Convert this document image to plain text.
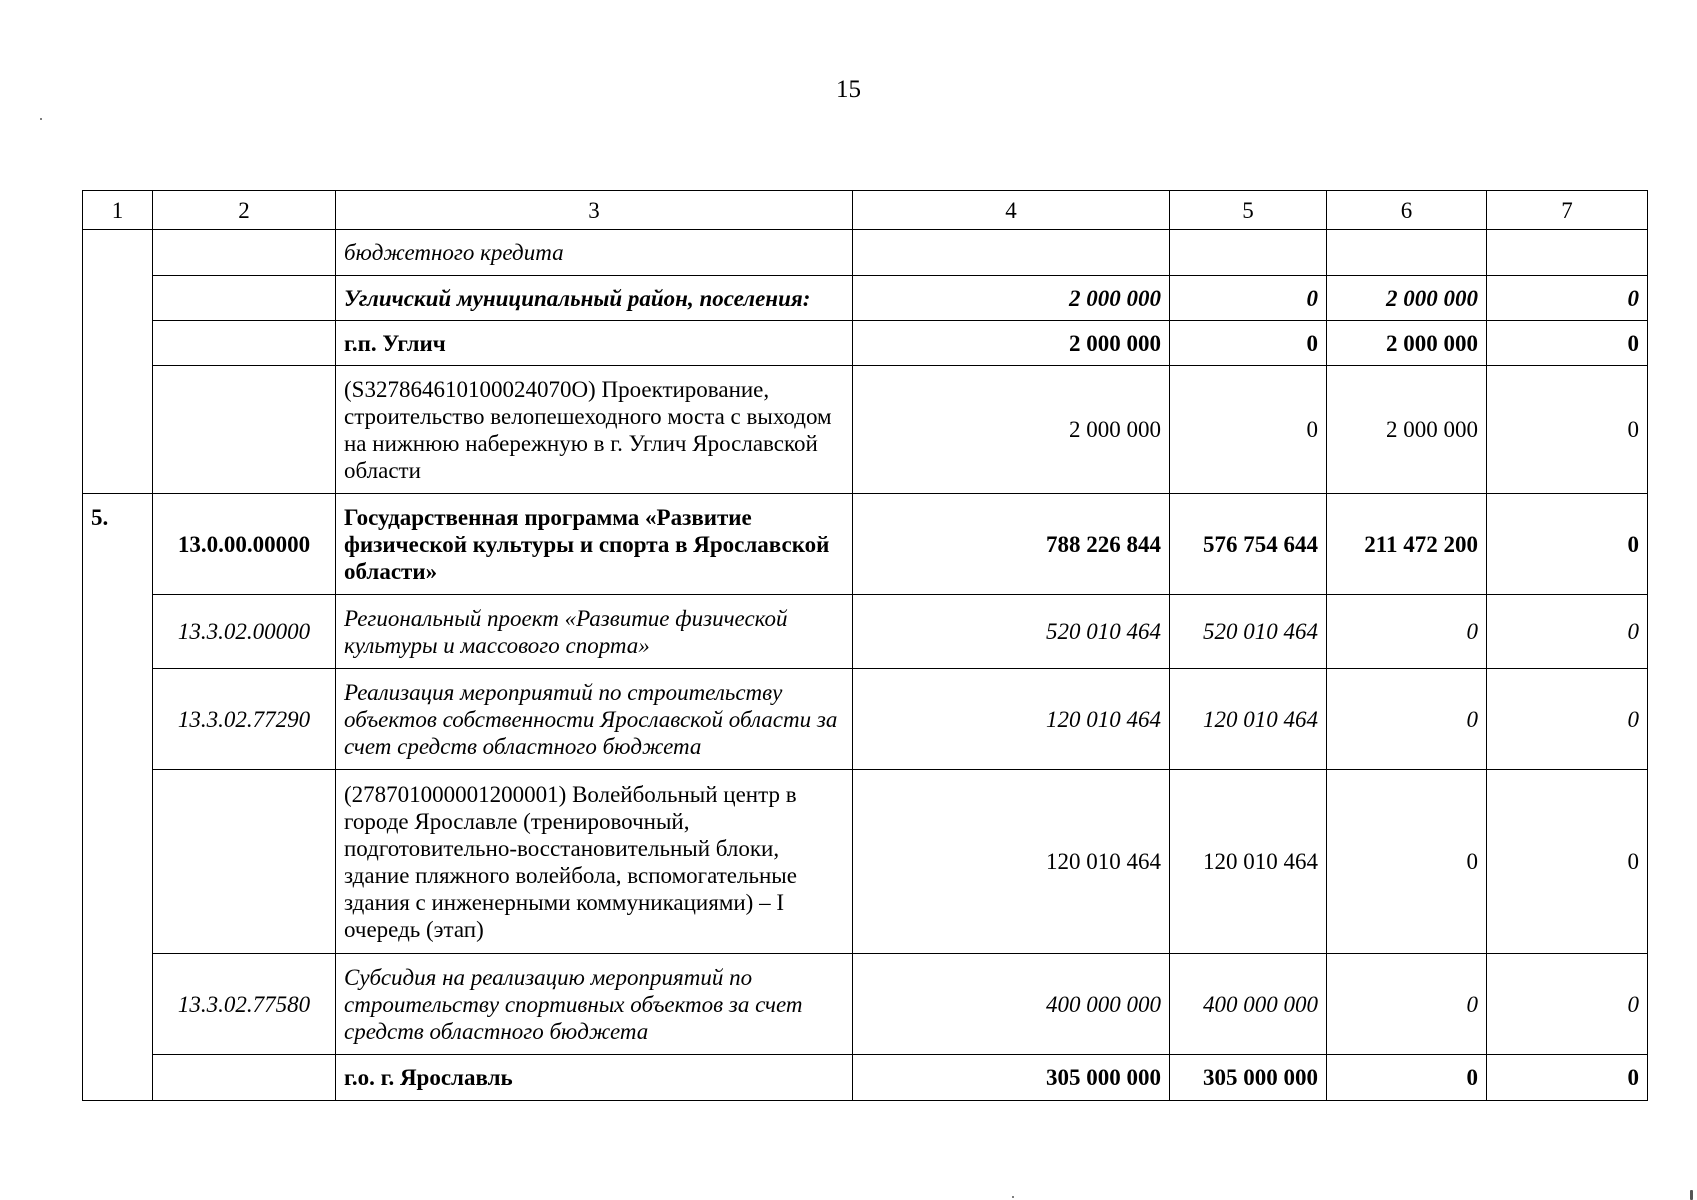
15
1	2	3	4	5	6	7
		бюджетного кредита				
		Угличский муниципальный район, поселения:	2 000 000	0	2 000 000	0
		г.п. Углич	2 000 000	0	2 000 000	0
		(S327864610100024070О) Проектирование, строительство велопешеходного моста с выходом на нижнюю набережную в г. Углич Ярославской области	2 000 000	0	2 000 000	0
5.	13.0.00.00000	Государственная программа «Развитие физической культуры и спорта в Ярославской области»	788 226 844	576 754 644	211 472 200	0
	13.3.02.00000	Региональный проект «Развитие физической культуры и массового спорта»	520 010 464	520 010 464	0	0
	13.3.02.77290	Реализация мероприятий по строительству объектов собственности Ярославской области за счет средств областного бюджета	120 010 464	120 010 464	0	0
		(278701000001200001) Волейбольный центр в городе Ярославле (тренировочный, подготовительно-восстановительный блоки, здание пляжного волейбола, вспомогательные здания с инженерными коммуникациями) – I очередь (этап)	120 010 464	120 010 464	0	0
	13.3.02.77580	Субсидия на реализацию мероприятий по строительству спортивных объектов за счет средств областного бюджета	400 000 000	400 000 000	0	0
		г.о. г. Ярославль	305 000 000	305 000 000	0	0
